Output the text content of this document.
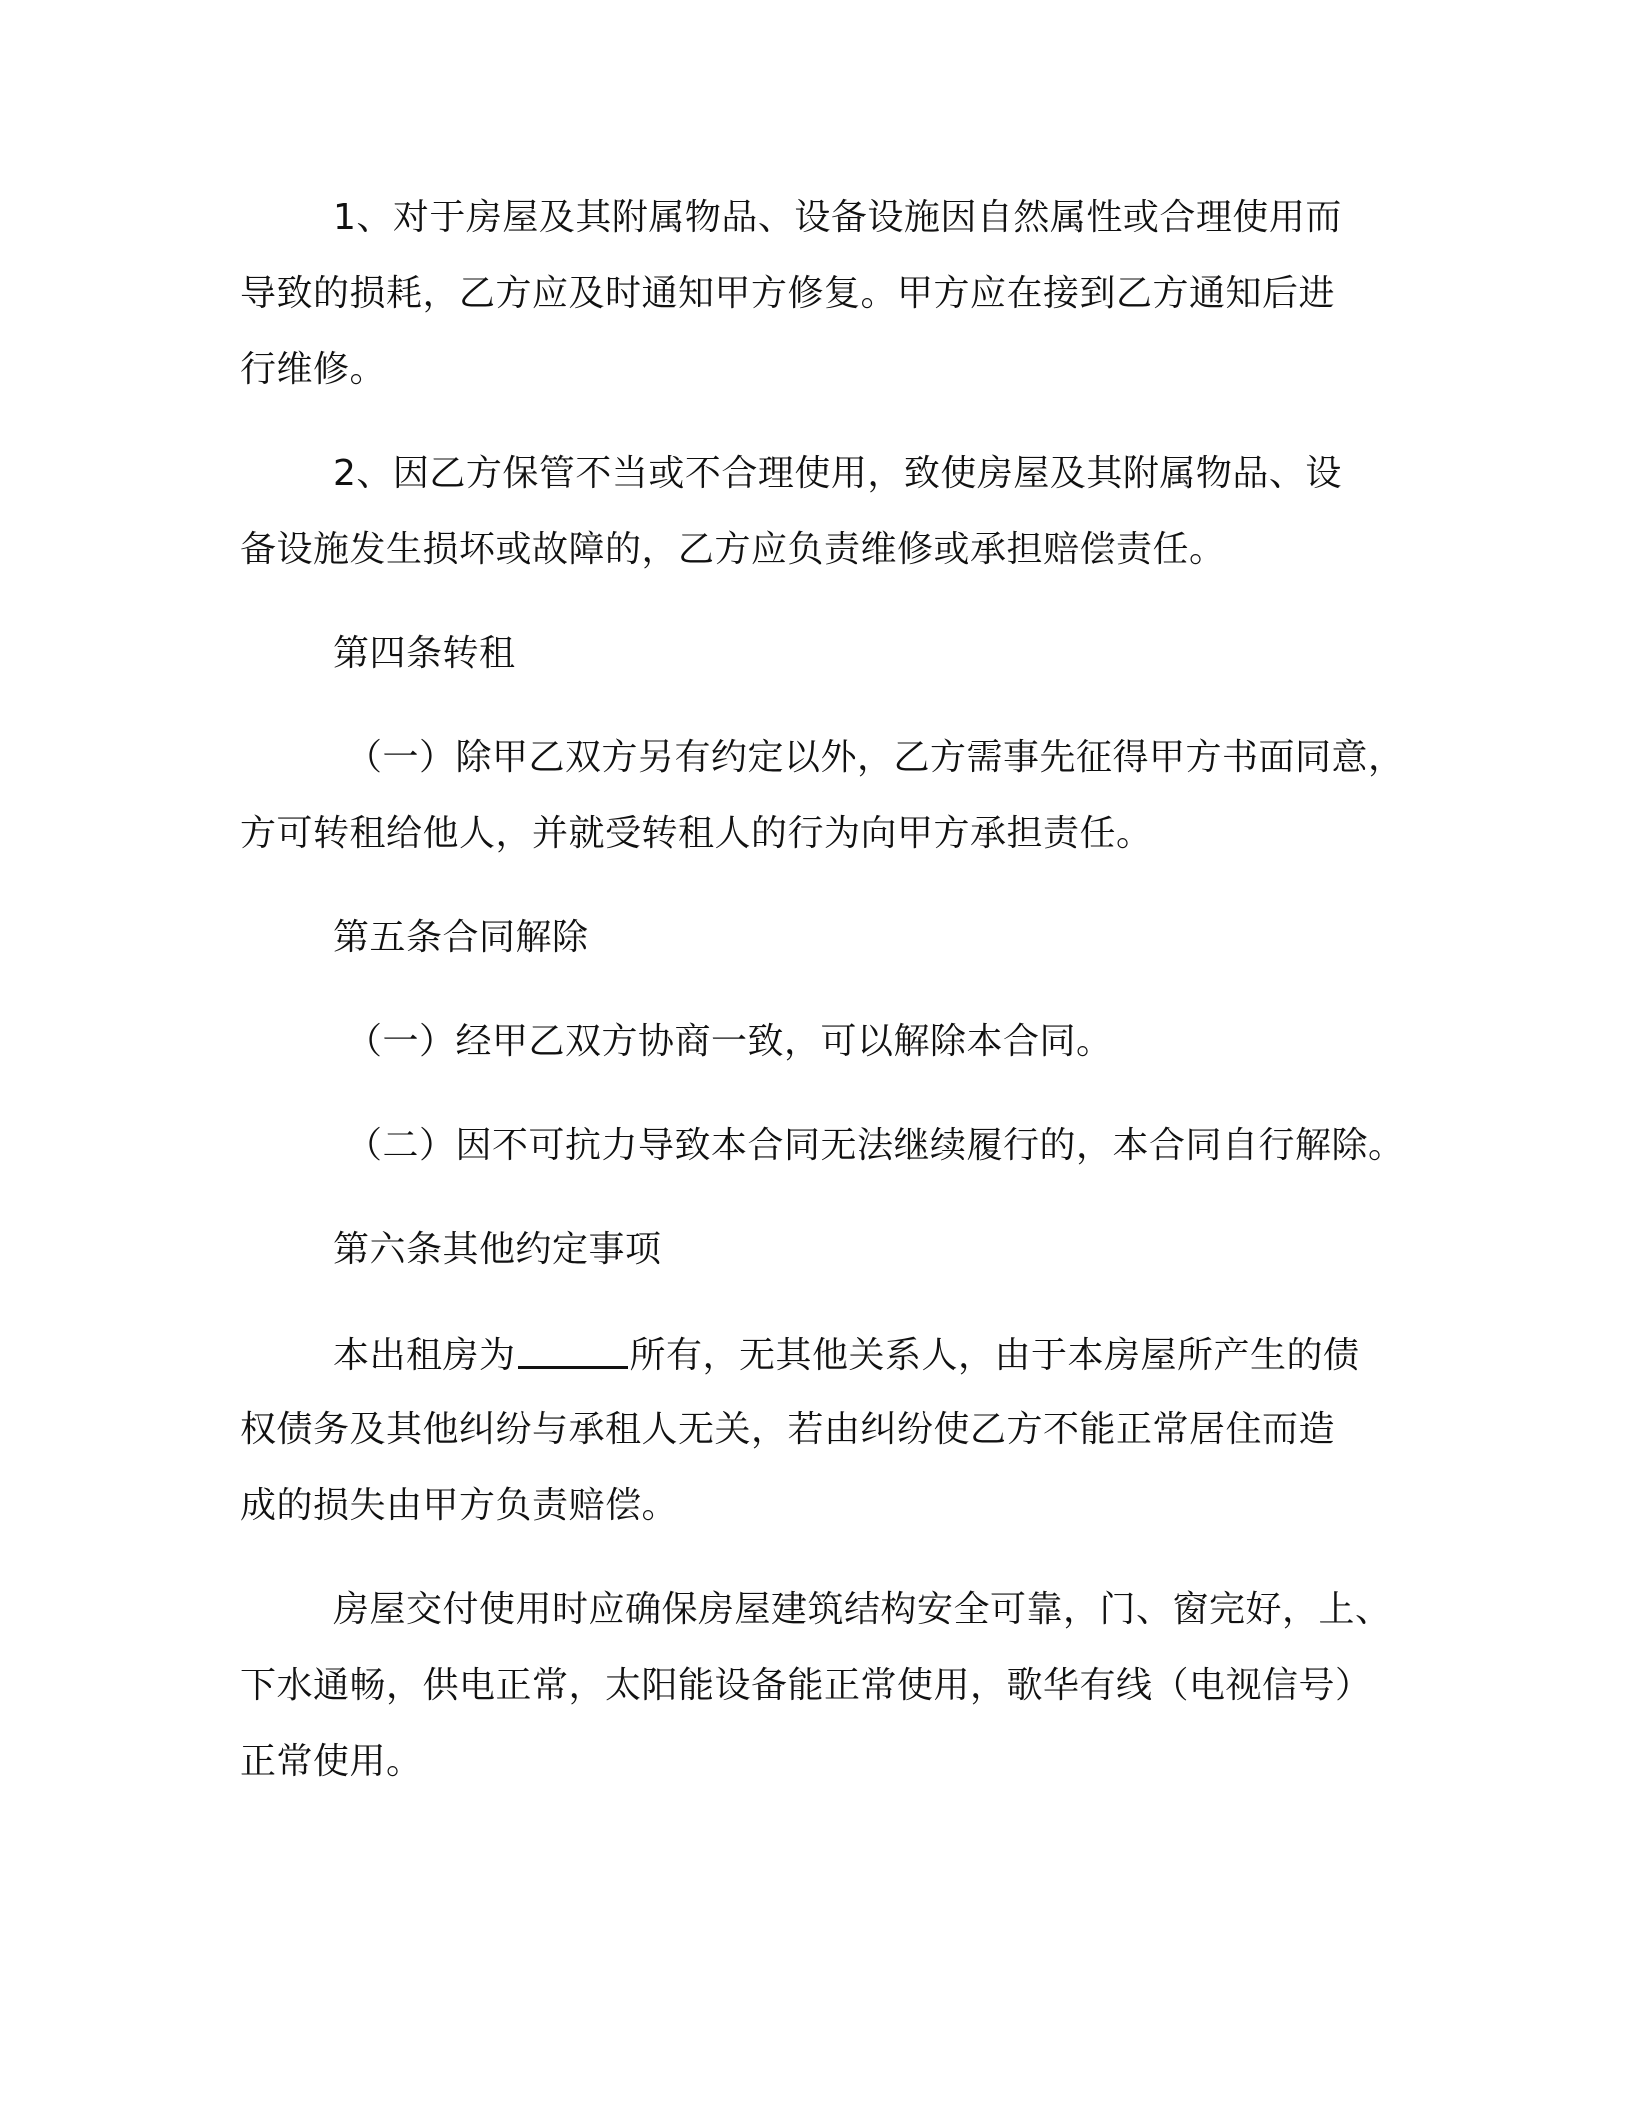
1、对于房屋及其附属物品、设备设施因自然属性或合理使用而
导致的损耗，乙方应及时通知甲方修复。甲方应在接到乙方通知后进
行维修。
2、因乙方保管不当或不合理使用，致使房屋及其附属物品、设
备设施发生损坏或故障的，乙方应负责维修或承担赔偿责任。
第四条转租
（一）除甲乙双方另有约定以外，乙方需事先征得甲方书面同意，
方可转租给他人，并就受转租人的行为向甲方承担责任。
第五条合同解除
（一）经甲乙双方协商一致，可以解除本合同。
（二）因不可抗力导致本合同无法继续履行的，本合同自行解除。
第六条其他约定事项
本出租房为	所有，无其他关系人，由于本房屋所产生的债
权债务及其他纠纷与承租人无关，若由纠纷使乙方不能正常居住而造
成的损失由甲方负责赔偿。
房屋交付使用时应确保房屋建筑结构安全可靠，门、窗完好，上、
下水通畅，供电正常，太阳能设备能正常使用，歌华有线（电视信号）
正常使用。
